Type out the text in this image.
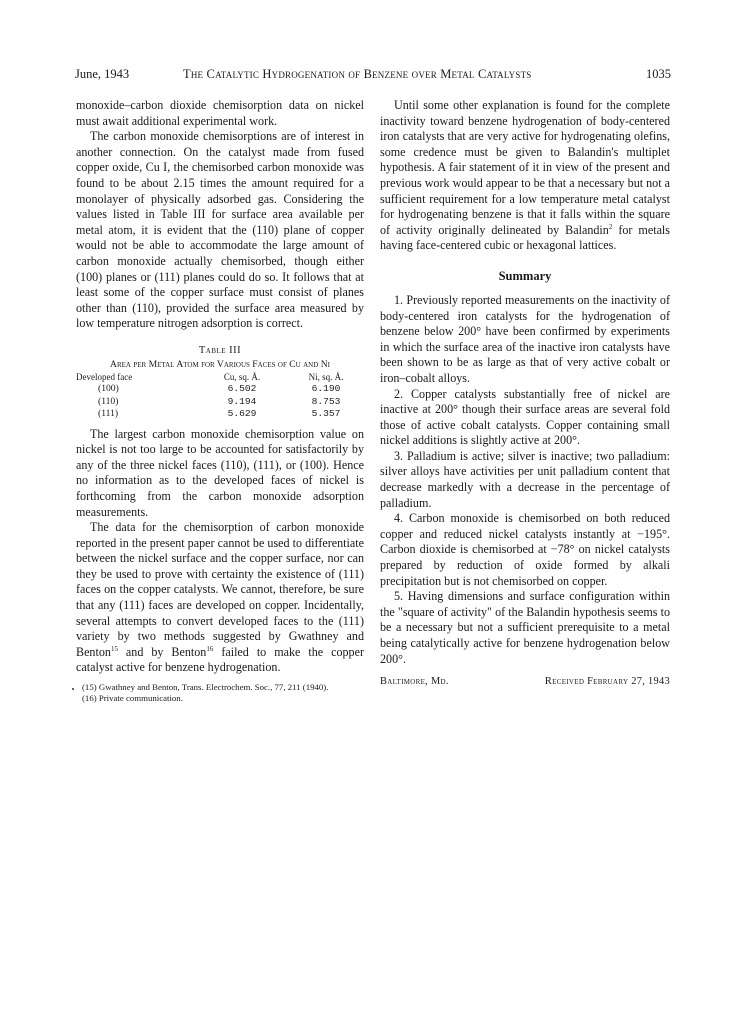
June, 1943	The Catalytic Hydrogenation of Benzene over Metal Catalysts	1035

monoxide–carbon dioxide chemisorption data on nickel must await additional experimental work.

The carbon monoxide chemisorptions are of interest in another connection. On the catalyst made from fused copper oxide, Cu I, the chemisorbed carbon monoxide was found to be about 2.15 times the amount required for a monolayer of physically adsorbed gas. Considering the values listed in Table III for surface area available per metal atom, it is evident that the (110) plane of copper would not be able to accommodate the large amount of carbon monoxide actually chemisorbed, though either (100) planes or (111) planes could do so. It follows that at least some of the copper surface must consist of planes other than (110), provided the surface area measured by low temperature nitrogen adsorption is correct.

Table III
Area per Metal Atom for Various Faces of Cu and Ni
Developed face	Cu, sq. Å.	Ni, sq. Å.
(100)	6.502	6.190
(110)	9.194	8.753
(111)	5.629	5.357

The largest carbon monoxide chemisorption value on nickel is not too large to be accounted for satisfactorily by any of the three nickel faces (110), (111), or (100). Hence no information as to the developed faces of nickel is forthcoming from the carbon monoxide adsorption measurements.

The data for the chemisorption of carbon monoxide reported in the present paper cannot be used to differentiate between the nickel surface and the copper surface, nor can they be used to prove with certainty the existence of (111) faces on the copper catalysts. We cannot, therefore, be sure that any (111) faces are developed on copper. Incidentally, several attempts to convert developed faces to the (111) variety by two methods suggested by Gwathney and Benton$^{15}$ and by Benton$^{16}$ failed to make the copper catalyst active for benzene hydrogenation.

(15) Gwathney and Benton, Trans. Electrochem. Soc., 77, 211 (1940).
(16) Private communication.

Until some other explanation is found for the complete inactivity toward benzene hydrogenation of body-centered iron catalysts that are very active for hydrogenating olefins, some credence must be given to Balandin's multiplet hypothesis. A fair statement of it in view of the present and previous work would appear to be that a necessary but not a sufficient requirement for a low temperature metal catalyst for hydrogenating benzene is that it falls within the square of activity originally delineated by Balandin$^2$ for metals having face-centered cubic or hexagonal lattices.

Summary

1. Previously reported measurements on the inactivity of body-centered iron catalysts for the hydrogenation of benzene below 200° have been confirmed by experiments in which the surface area of the inactive iron catalysts have been shown to be as large as that of very active cobalt or iron–cobalt alloys.

2. Copper catalysts substantially free of nickel are inactive at 200° though their surface areas are several fold those of active cobalt catalysts. Copper containing small nickel additions is slightly active at 200°.

3. Palladium is active; silver is inactive; two palladium: silver alloys have activities per unit palladium content that decrease markedly with a decrease in the percentage of palladium.

4. Carbon monoxide is chemisorbed on both reduced copper and reduced nickel catalysts instantly at −195°. Carbon dioxide is chemisorbed at −78° on nickel catalysts prepared by reduction of oxide formed by alkali precipitation but is not chemisorbed on copper.

5. Having dimensions and surface configuration within the "square of activity" of the Balandin hypothesis seems to be a necessary but not a sufficient prerequisite to a metal being catalytically active for benzene hydrogenation below 200°.

Baltimore, Md.	Received February 27, 1943
